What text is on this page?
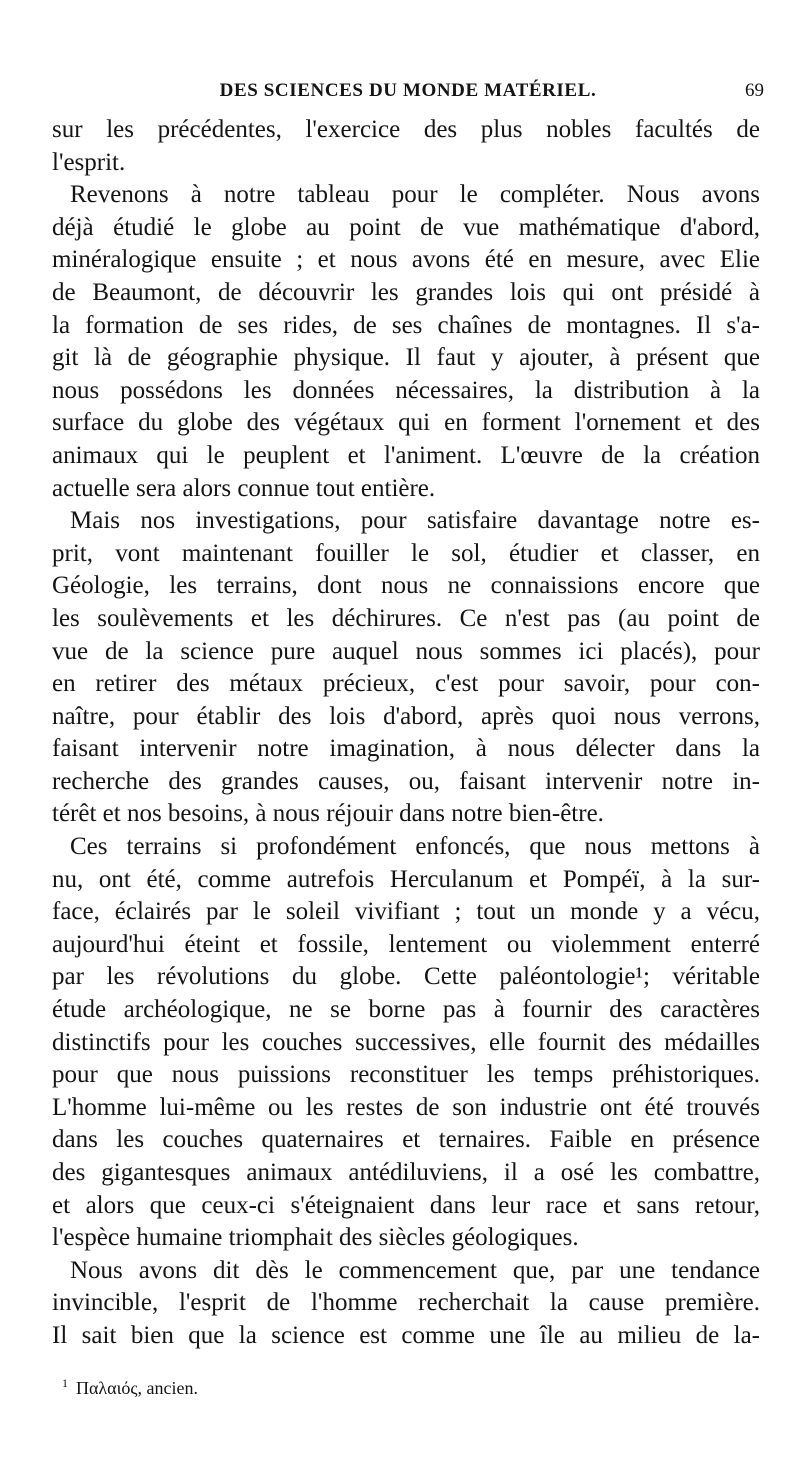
DES SCIENCES DU MONDE MATÉRIEL.	69
sur les précédentes, l'exercice des plus nobles facultés de
l'esprit.
Revenons à notre tableau pour le compléter. Nous avons
déjà étudié le globe au point de vue mathématique d'abord,
minéralogique ensuite ; et nous avons été en mesure, avec Elie
de Beaumont, de découvrir les grandes lois qui ont présidé à
la formation de ses rides, de ses chaînes de montagnes. Il s'a-
git là de géographie physique. Il faut y ajouter, à présent que
nous possédons les données nécessaires, la distribution à la
surface du globe des végétaux qui en forment l'ornement et des
animaux qui le peuplent et l'animent. L'œuvre de la création
actuelle sera alors connue tout entière.
Mais nos investigations, pour satisfaire davantage notre es-
prit, vont maintenant fouiller le sol, étudier et classer, en
Géologie, les terrains, dont nous ne connaissions encore que
les soulèvements et les déchirures. Ce n'est pas (au point de
vue de la science pure auquel nous sommes ici placés), pour
en retirer des métaux précieux, c'est pour savoir, pour con-
naître, pour établir des lois d'abord, après quoi nous verrons,
faisant intervenir notre imagination, à nous délecter dans la
recherche des grandes causes, ou, faisant intervenir notre in-
térêt et nos besoins, à nous réjouir dans notre bien-être.
Ces terrains si profondément enfoncés, que nous mettons à
nu, ont été, comme autrefois Herculanum et Pompéï, à la sur-
face, éclairés par le soleil vivifiant ; tout un monde y a vécu,
aujourd'hui éteint et fossile, lentement ou violemment enterré
par les révolutions du globe. Cette paléontologie¹; véritable
étude archéologique, ne se borne pas à fournir des caractères
distinctifs pour les couches successives, elle fournit des médailles
pour que nous puissions reconstituer les temps préhistoriques.
L'homme lui-même ou les restes de son industrie ont été trouvés
dans les couches quaternaires et ternaires. Faible en présence
des gigantesques animaux antédiluviens, il a osé les combattre,
et alors que ceux-ci s'éteignaient dans leur race et sans retour,
l'espèce humaine triomphait des siècles géologiques.
Nous avons dit dès le commencement que, par une tendance
invincible, l'esprit de l'homme recherchait la cause première.
Il sait bien que la science est comme une île au milieu de la-
$^1$ Παλαιός, ancien.
